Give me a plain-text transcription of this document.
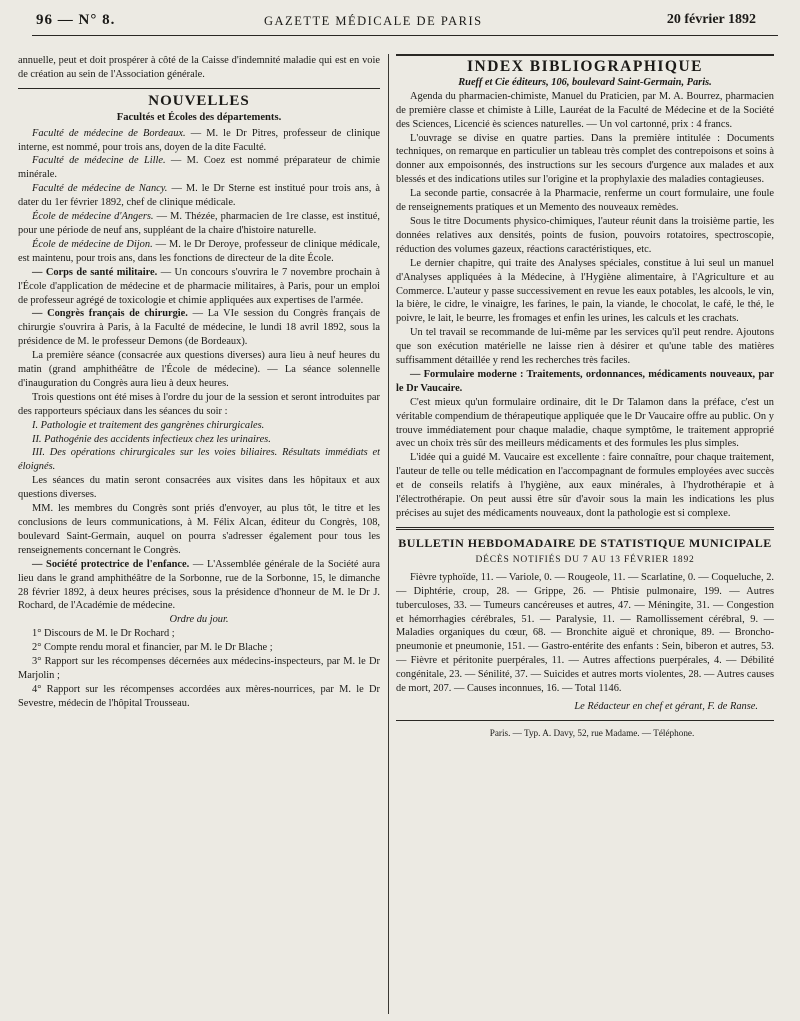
96 — N° 8.	GAZETTE MÉDICALE DE PARIS	20 février 1892

annuelle, peut et doit prospérer à côté de la Caisse d'indemnité maladie qui est en voie de création au sein de l'Association générale.

NOUVELLES
Facultés et Écoles des départements.

Faculté de médecine de Bordeaux. — M. le Dr Pitres, professeur de clinique interne, est nommé, pour trois ans, doyen de la dite Faculté.

Faculté de médecine de Lille. — M. Coez est nommé préparateur de chimie minérale.

Faculté de médecine de Nancy. — M. le Dr Sterne est institué pour trois ans, à dater du 1er février 1892, chef de clinique médicale.

École de médecine d'Angers. — M. Thézée, pharmacien de 1re classe, est institué, pour une période de neuf ans, suppléant de la chaire d'histoire naturelle.

École de médecine de Dijon. — M. le Dr Deroye, professeur de clinique médicale, est maintenu, pour trois ans, dans les fonctions de directeur de la dite École.

— Corps de santé militaire. — Un concours s'ouvrira le 7 novembre prochain à l'École d'application de médecine et de pharmacie militaires, à Paris, pour un emploi de professeur agrégé de toxicologie et chimie appliquées aux expertises de l'armée.

— Congrès français de chirurgie. — La VIe session du Congrès français de chirurgie s'ouvrira à Paris, à la Faculté de médecine, le lundi 18 avril 1892, sous la présidence de M. le professeur Demons (de Bordeaux).

La première séance (consacrée aux questions diverses) aura lieu à neuf heures du matin (grand amphithéâtre de l'École de médecine). — La séance solennelle d'inauguration du Congrès aura lieu à deux heures.

Trois questions ont été mises à l'ordre du jour de la session et seront introduites par des rapporteurs spéciaux dans les séances du soir :

I. Pathologie et traitement des gangrènes chirurgicales.

II. Pathogénie des accidents infectieux chez les urinaires.

III. Des opérations chirurgicales sur les voies biliaires. Résultats immédiats et éloignés.

Les séances du matin seront consacrées aux visites dans les hôpitaux et aux questions diverses.

MM. les membres du Congrès sont priés d'envoyer, au plus tôt, le titre et les conclusions de leurs communications, à M. Félix Alcan, éditeur du Congrès, 108, boulevard Saint-Germain, auquel on pourra s'adresser également pour tous les renseignements concernant le Congrès.

— Société protectrice de l'enfance. — L'Assemblée générale de la Société aura lieu dans le grand amphithéâtre de la Sorbonne, rue de la Sorbonne, 15, le dimanche 28 février 1892, à deux heures précises, sous la présidence d'honneur de M. le Dr J. Rochard, de l'Académie de médecine.

Ordre du jour.

1° Discours de M. le Dr Rochard ;
2° Compte rendu moral et financier, par M. le Dr Blache ;
3° Rapport sur les récompenses décernées aux médecins-inspecteurs, par M. le Dr Marjolin ;
4° Rapport sur les récompenses accordées aux mères-nourrices, par M. le Dr Sevestre, médecin de l'hôpital Trousseau.
INDEX BIBLIOGRAPHIQUE

Rueff et Cie éditeurs, 106, boulevard Saint-Germain, Paris.

Agenda du pharmacien-chimiste, Manuel du Praticien, par M. A. Bourrez, pharmacien de première classe et chimiste à Lille, Lauréat de la Faculté de Médecine et de la Société des Sciences, Licencié ès sciences naturelles. — Un vol cartonné, prix : 4 francs.

L'ouvrage se divise en quatre parties. Dans la première intitulée : Documents techniques, on remarque en particulier un tableau très complet des contrepoisons et soins à donner aux empoisonnés, des instructions sur les secours d'urgence aux malades et aux blessés et des indications utiles sur l'origine et la prophylaxie des maladies contagieuses.

La seconde partie, consacrée à la Pharmacie, renferme un court formulaire, une foule de renseignements pratiques et un Memento des nouveaux remèdes.

Sous le titre Documents physico-chimiques, l'auteur réunit dans la troisième partie, les données relatives aux densités, points de fusion, pouvoirs rotatoires, spectroscopie, réduction des volumes gazeux, réactions caractéristiques, etc.

Le dernier chapitre, qui traite des Analyses spéciales, constitue à lui seul un manuel d'Analyses appliquées à la Médecine, à l'Hygiène alimentaire, à l'Agriculture et au Commerce. L'auteur y passe successivement en revue les eaux potables, les alcools, le vin, la bière, le cidre, le vinaigre, les farines, le pain, la viande, le chocolat, le café, le thé, le poivre, le lait, le beurre, les fromages et enfin les urines, les calculs et les crachats.

Un tel travail se recommande de lui-même par les services qu'il peut rendre. Ajoutons que son exécution matérielle ne laisse rien à désirer et qu'une table des matières suffisamment détaillée y rend les recherches très faciles.

— Formulaire moderne : Traitements, ordonnances, médicaments nouveaux, par le Dr Vaucaire.

C'est mieux qu'un formulaire ordinaire, dit le Dr Talamon dans la préface, c'est un véritable compendium de thérapeutique appliquée que le Dr Vaucaire offre au public. On y trouve immédiatement pour chaque maladie, chaque symptôme, le traitement approprié avec un choix très sûr des meilleurs médicaments et des formules les plus simples.

L'idée qui a guidé M. Vaucaire est excellente : faire connaître, pour chaque traitement, l'auteur de telle ou telle médication en l'accompagnant de formules employées avec succès et de conseils relatifs à l'hygiène, aux eaux minérales, à l'hydrothérapie et à l'électrothérapie. On peut aussi être sûr d'avoir sous la main les indications les plus précises au sujet des médicaments nouveaux, dont la pathologie est si complexe.

BULLETIN HEBDOMADAIRE DE STATISTIQUE MUNICIPALE
DÉCÈS NOTIFIÉS DU 7 AU 13 FÉVRIER 1892

Fièvre typhoïde, 11. — Variole, 0. — Rougeole, 11. — Scarlatine, 0. — Coqueluche, 2. — Diphtérie, croup, 28. — Grippe, 26. — Phtisie pulmonaire, 199. — Autres tuberculoses, 33. — Tumeurs cancéreuses et autres, 47. — Méningite, 31. — Congestion et hémorrhagies cérébrales, 51. — Paralysie, 11. — Ramollissement cérébral, 9. — Maladies organiques du cœur, 68. — Bronchite aiguë et chronique, 89. — Broncho-pneumonie et pneumonie, 151. — Gastro-entérite des enfants : Sein, biberon et autres, 53. — Fièvre et péritonite puerpérales, 11. — Autres affections puerpérales, 4. — Débilité congénitale, 23. — Sénilité, 37. — Suicides et autres morts violentes, 28. — Autres causes de mort, 207. — Causes inconnues, 16. — Total 1146.

Le Rédacteur en chef et gérant, F. de Ranse.

Paris. — Typ. A. Davy, 52, rue Madame. — Téléphone.
